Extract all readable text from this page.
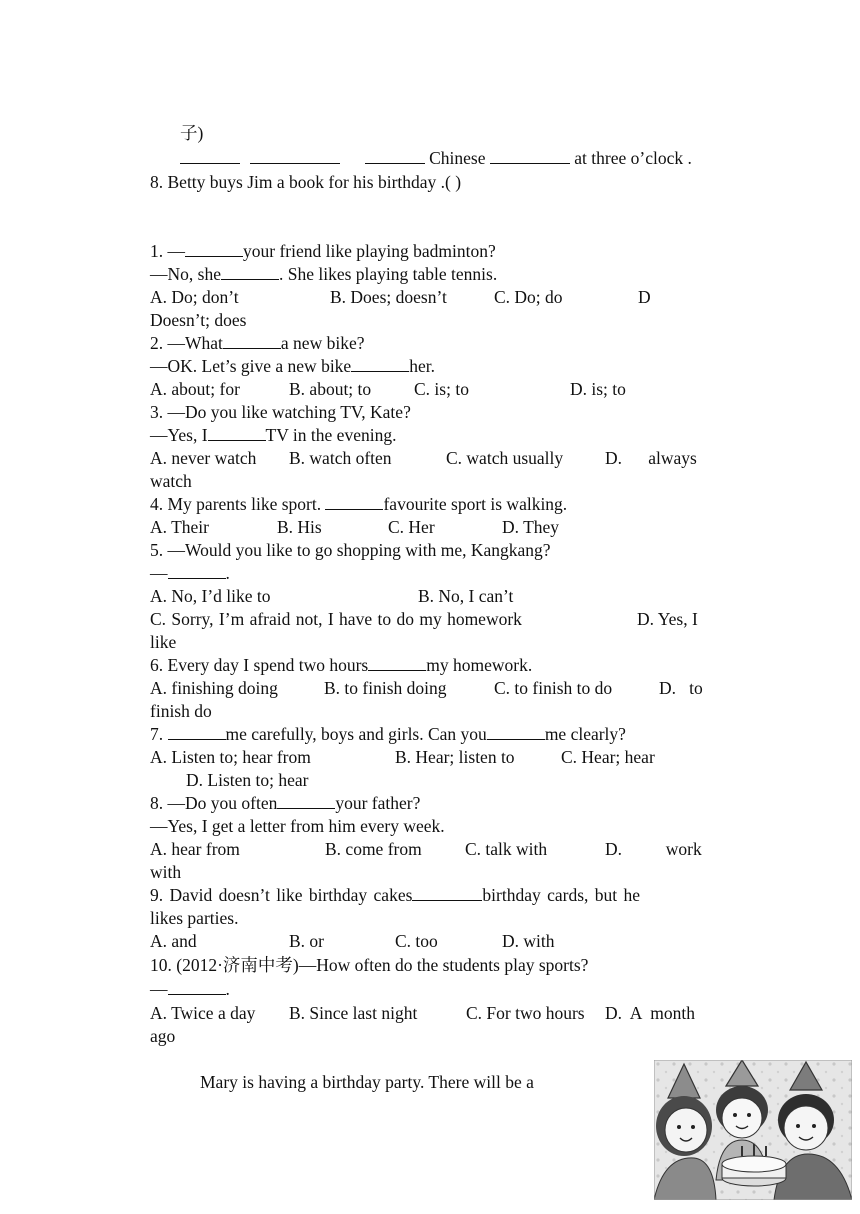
子)
Chinese	at three o’clock .
8. Betty buys Jim a book for his birthday .( )
1. —	your friend like playing badminton?
—No, she	. She likes playing table tennis.
A. Do; don’t	B. Does; doesn’t	C. Do; do	D
Doesn’t; does
2. —What	a new bike?
—OK. Let’s give a new bike	her.
A. about; for	B. about; to C. is; to	D. is; to
3. —Do you like watching TV, Kate?
—Yes, I	TV in the evening.
A. never watch B. watch often	C. watch usually D.      always
watch
4. My parents like sport.	favourite sport is walking.
A. Their	B. His	C. Her	D. They
5. —Would you like to go shopping with me, Kangkang?
—	.
A. No, I’d like to	B. No, I can’t
C. Sorry, I’m afraid not, I have to do my homework	D. Yes, I
like
6. Every day I spend two hours	my homework.
A. finishing doing	B. to finish doing	C. to finish to do	D.   to
finish do
7.	me carefully, boys and girls. Can you	me clearly?
A. Listen to; hear from	B. Hear; listen to	C. Hear; hear
D. Listen to; hear
8. —Do you often	your father?
—Yes, I get a letter from him every week.
A. hear from	B. come from C. talk with	D.          work
with
9. David doesn’t like birthday cakes	birthday cards, but he
likes parties.
A. and	B. or	C. too	D. with
10. (2012·济南中考)—How often do the students play sports?
—	.
A. Twice a day B. Since last night	C. For two hours D.  A  month
ago
Mary is having a birthday party. There will be a
